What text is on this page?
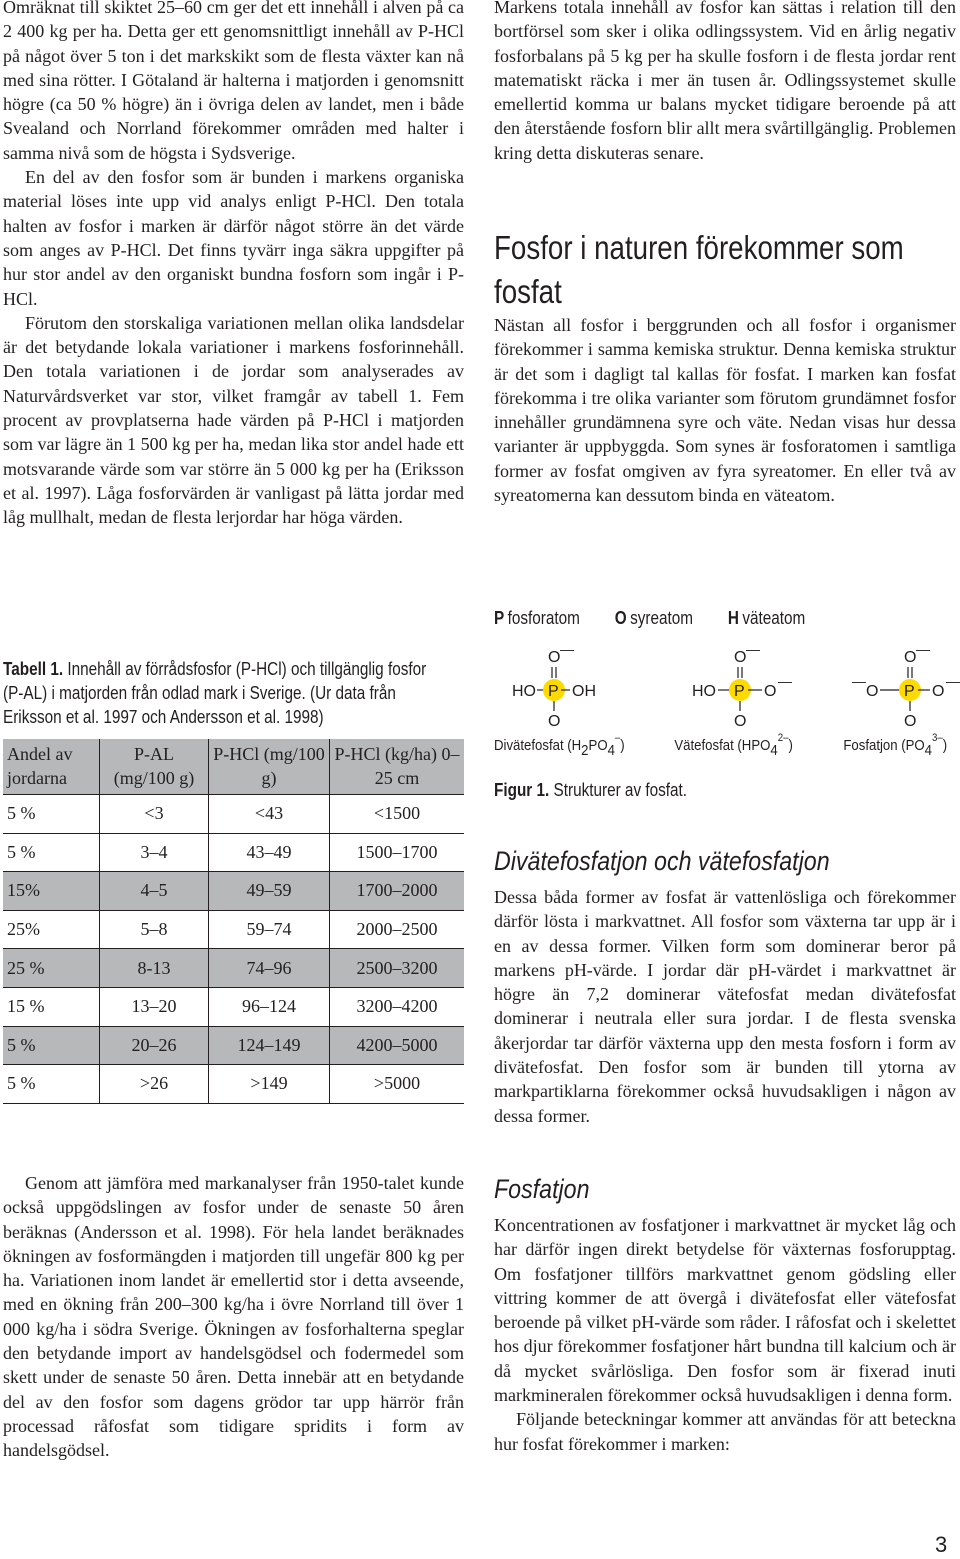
Omräknat till skiktet 25–60 cm ger det ett innehåll i alven på ca 2 400 kg per ha. Detta ger ett genomsnittligt innehåll av P-HCl på något över 5 ton i det markskikt som de flesta växter kan nå med sina rötter. I Götaland är halterna i matjorden i genomsnitt högre (ca 50 % högre) än i övriga delen av landet, men i både Svealand och Norrland förekommer områden med halter i samma nivå som de högsta i Sydsverige.

En del av den fosfor som är bunden i markens organiska material löses inte upp vid analys enligt P-HCl. Den totala halten av fosfor i marken är därför något större än det värde som anges av P-HCl. Det finns tyvärr inga säkra uppgifter på hur stor andel av den organiskt bundna fosforn som ingår i P-HCl.

Förutom den storskaliga variationen mellan olika landsdelar är det betydande lokala variationer i markens fosforinnehåll. Den totala variationen i de jordar som analyserades av Naturvårdsverket var stor, vilket framgår av tabell 1. Fem procent av provplatserna hade värden på P-HCl i matjorden som var lägre än 1 500 kg per ha, medan lika stor andel hade ett motsvarande värde som var större än 5 000 kg per ha (Eriksson et al. 1997). Låga fosforvärden är vanligast på lätta jordar med låg mullhalt, medan de flesta lerjordar har höga värden.

Tabell 1. Innehåll av förrådsfosfor (P-HCl) och tillgänglig fosfor (P-AL) i matjorden från odlad mark i Sverige. (Ur data från Eriksson et al. 1997 och Andersson et al. 1998)
Andel av jordarna	P-AL (mg/100 g)	P-HCl (mg/100 g)	P-HCl (kg/ha) 0–25 cm
5 %	<3	<43	<1500
5 %	3–4	43–49	1500–1700
15%	4–5	49–59	1700–2000
25%	5–8	59–74	2000–2500
25 %	8-13	74–96	2500–3200
15 %	13–20	96–124	3200–4200
5 %	20–26	124–149	4200–5000
5 %	>26	>149	>5000

Genom att jämföra med markanalyser från 1950-talet kunde också uppgödslingen av fosfor under de senaste 50 åren beräknas (Andersson et al. 1998). För hela landet beräknades ökningen av fosformängden i matjorden till ungefär 800 kg per ha. Variationen inom landet är emellertid stor i detta avseende, med en ökning från 200–300 kg/ha i övre Norrland till över 1 000 kg/ha i södra Sverige. Ökningen av fosforhalterna speglar den betydande import av handelsgödsel och fodermedel som skett under de senaste 50 åren. Detta innebär att en betydande del av den fosfor som dagens grödor tar upp härrör från processad råfosfat som tidigare spridits i form av handelsgödsel.

Markens totala innehåll av fosfor kan sättas i relation till den bortförsel som sker i olika odlingssystem. Vid en årlig negativ fosforbalans på 5 kg per ha skulle fosforn i de flesta jordar rent matematiskt räcka i mer än tusen år. Odlingssystemet skulle emellertid komma ur balans mycket tidigare beroende på att den återstående fosforn blir allt mera svårtillgänglig. Problemen kring detta diskuteras senare.

Fosfor i naturen förekommer som fosfat

Nästan all fosfor i berggrunden och all fosfor i organismer förekommer i samma kemiska struktur. Denna kemiska struktur är det som i dagligt tal kallas för fosfat. I marken kan fosfat förekomma i tre olika varianter som förutom grundämnet fosfor innehåller grundämnena syre och väte. Nedan visas hur dessa varianter är uppbyggda. Som synes är fosforatomen i samtliga former av fosfat omgiven av fyra syreatomer. En eller två av syreatomerna kan dessutom binda en väteatom.

P fosforatom O syreatom H väteatom
O —
HO P OH
O
Divätefosfat (H2PO4–)
O —
HO P O
—
O
Vätefosfat $(HPO4^{2-})$
O —
—
O P O
—
O
Fosfatjon $(PO4^{3-})$
Figur 1. Strukturer av fosfat.
Divätefosfatjon och vätefosfatjon

Dessa båda former av fosfat är vattenlösliga och förekommer därför lösta i markvattnet. All fosfor som växterna tar upp är i en av dessa former. Vilken form som dominerar beror på markens pH-värde. I jordar där pH-värdet i markvattnet är högre än 7,2 dominerar vätefosfat medan divätefosfat dominerar i neutrala eller sura jordar. I de flesta svenska åkerjordar tar därför växterna upp den mesta fosforn i form av divätefosfat. Den fosfor som är bunden till ytorna av markpartiklarna förekommer också huvudsakligen i någon av dessa former.

Fosfatjon

Koncentrationen av fosfatjoner i markvattnet är mycket låg och har därför ingen direkt betydelse för växternas fosforupptag. Om fosfatjoner tillförs markvattnet genom gödsling eller vittring kommer de att övergå i divätefosfat eller vätefosfat beroende på vilket pH-värde som råder. I råfosfat och i skelettet hos djur förekommer fosfatjoner hårt bundna till kalcium och är då mycket svårlösliga. Den fosfor som är fixerad inuti markmineralen förekommer också huvudsakligen i denna form.

Följande beteckningar kommer att användas för att beteckna hur fosfat förekommer i marken:

3
